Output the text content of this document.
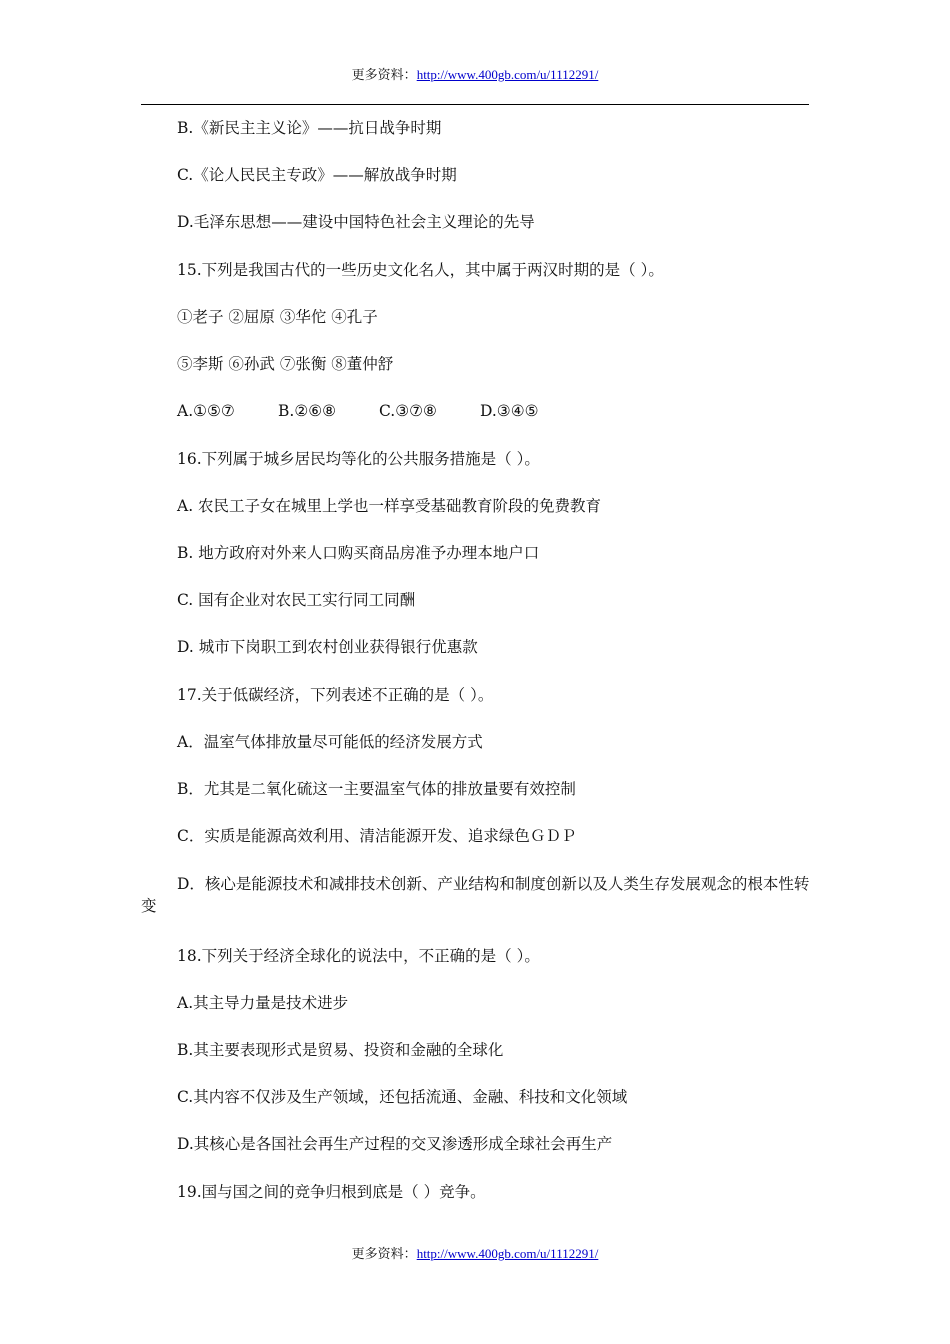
更多资料：http://www.400gb.com/u/1112291/
B.《新民主主义论》——抗日战争时期
C.《论人民民主专政》——解放战争时期
D.毛泽东思想——建设中国特色社会主义理论的先导
15.下列是我国古代的一些历史文化名人，其中属于两汉时期的是（ ）。
①老子 ②屈原 ③华佗 ④孔子
⑤李斯 ⑥孙武 ⑦张衡 ⑧董仲舒
A.①⑤⑦	B.②⑥⑧	C.③⑦⑧	D.③④⑤
16.下列属于城乡居民均等化的公共服务措施是（ ）。
A. 农民工子女在城里上学也一样享受基础教育阶段的免费教育
B. 地方政府对外来人口购买商品房准予办理本地户口
C. 国有企业对农民工实行同工同酬
D. 城市下岗职工到农村创业获得银行优惠款
17.关于低碳经济，下列表述不正确的是（ ）。
A．温室气体排放量尽可能低的经济发展方式
B．尤其是二氧化硫这一主要温室气体的排放量要有效控制
C．实质是能源高效利用、清洁能源开发、追求绿色ＧＤＰ
D．核心是能源技术和减排技术创新、产业结构和制度创新以及人类生存发展观念的根本性转变
18.下列关于经济全球化的说法中，不正确的是（ ）。
A.其主导力量是技术进步
B.其主要表现形式是贸易、投资和金融的全球化
C.其内容不仅涉及生产领域，还包括流通、金融、科技和文化领域
D.其核心是各国社会再生产过程的交叉渗透形成全球社会再生产
19.国与国之间的竞争归根到底是（ ）竞争。
更多资料：http://www.400gb.com/u/1112291/
